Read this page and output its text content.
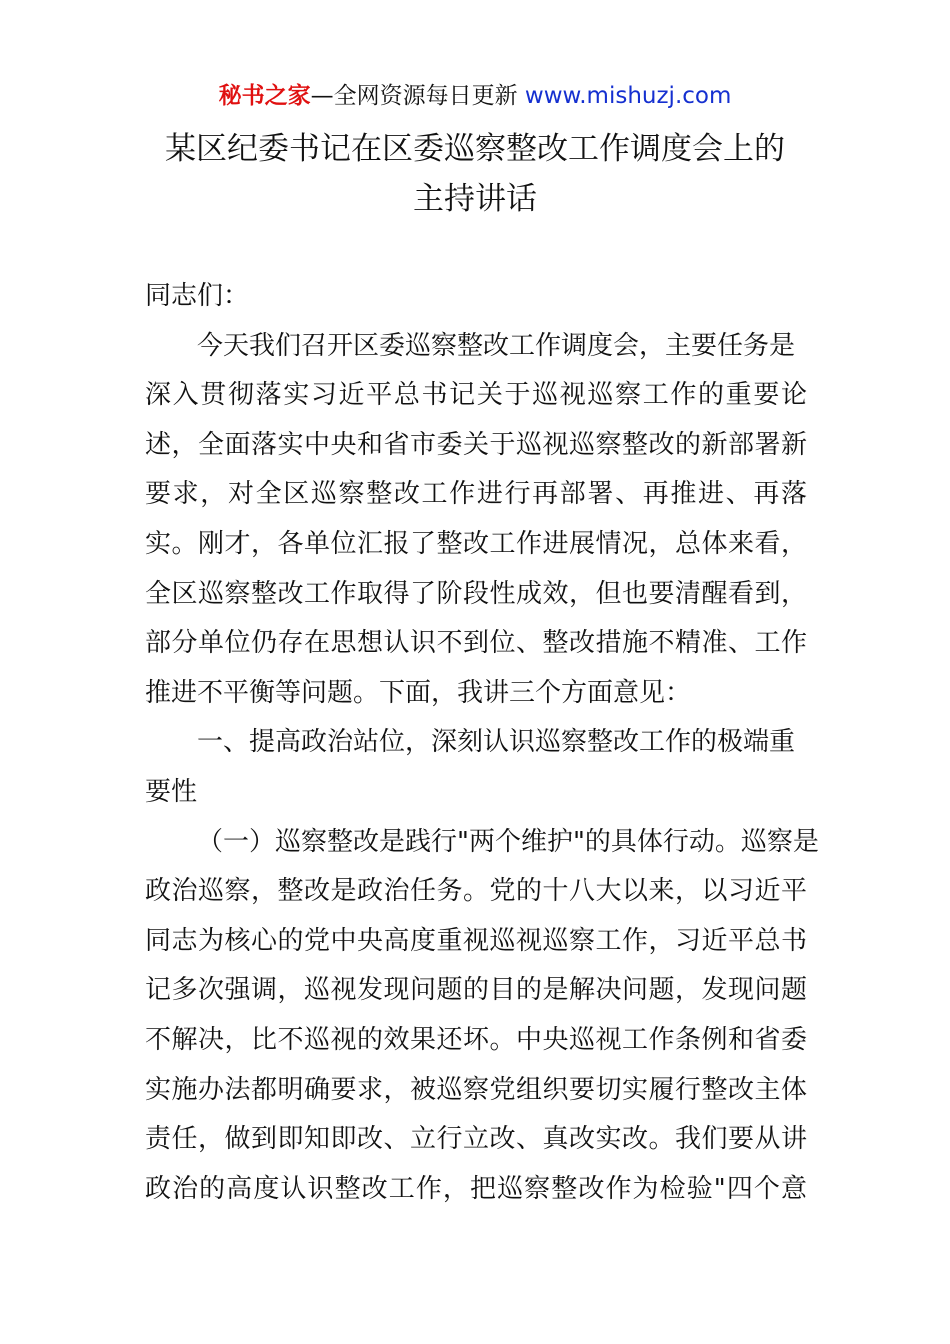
秘书之家—全网资源每日更新 www.mishuzj.com
某区纪委书记在区委巡察整改工作调度会上的
主持讲话
同志们：
今天我们召开区委巡察整改工作调度会，主要任务是
深入贯彻落实习近平总书记关于巡视巡察工作的重要论
述，全面落实中央和省市委关于巡视巡察整改的新部署新
要求，对全区巡察整改工作进行再部署、再推进、再落
实。刚才，各单位汇报了整改工作进展情况，总体来看，
全区巡察整改工作取得了阶段性成效，但也要清醒看到，
部分单位仍存在思想认识不到位、整改措施不精准、工作
推进不平衡等问题。下面，我讲三个方面意见：
一、提高政治站位，深刻认识巡察整改工作的极端重
要性
（一）巡察整改是践行"两个维护"的具体行动。巡察是
政治巡察，整改是政治任务。党的十八大以来，以习近平
同志为核心的党中央高度重视巡视巡察工作，习近平总书
记多次强调，巡视发现问题的目的是解决问题，发现问题
不解决，比不巡视的效果还坏。中央巡视工作条例和省委
实施办法都明确要求，被巡察党组织要切实履行整改主体
责任，做到即知即改、立行立改、真改实改。我们要从讲
政治的高度认识整改工作，把巡察整改作为检验"四个意
